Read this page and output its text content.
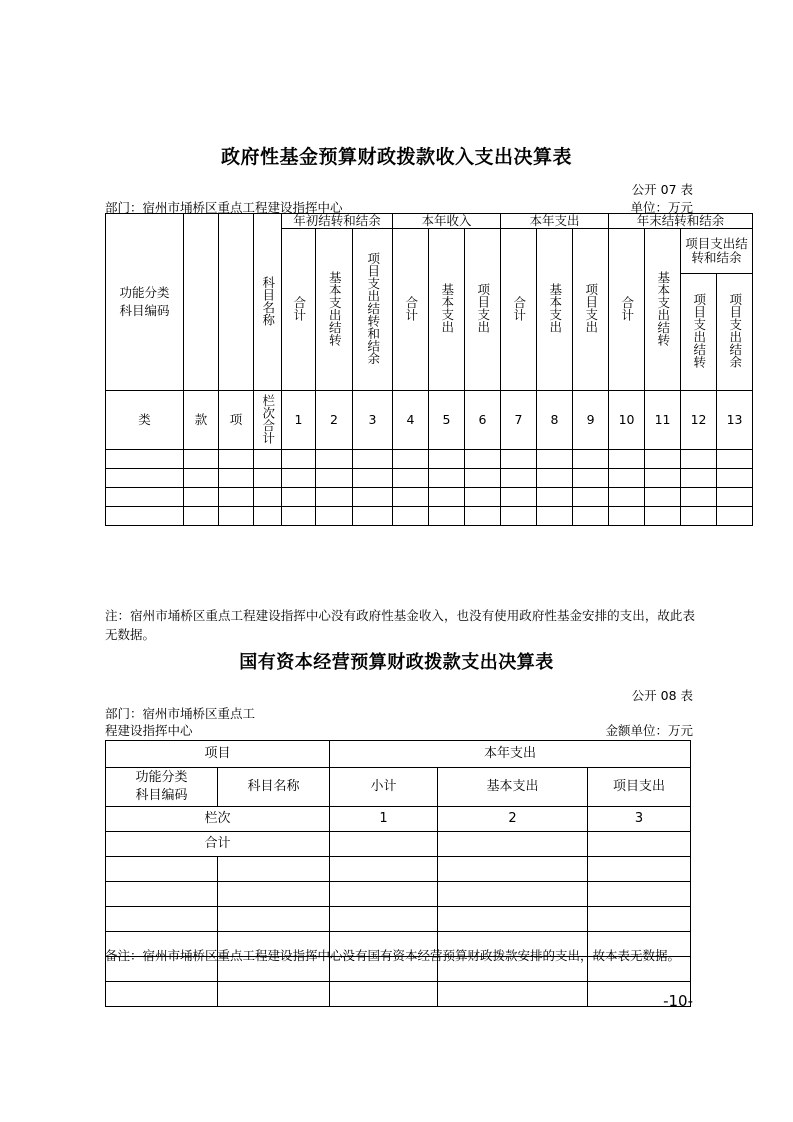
政府性基金预算财政拨款收入支出决算表
公开 07 表
单位：万元
部门：宿州市埇桥区重点工程建设指挥中心
功能分类
科目编码			科目名称	年初结转和结余			本年收入			本年支出			年末结转和结余			
				合计	基本支出结转	项目支出结转和结余	合计	基本支出	项目支出	合计	基本支出	项目支出	合计	基本支出结转	项目支出结转和结余	
															项目支出结转	项目支出结余

类	款	项	栏次合计	1	2	3	4	5	6	7	8	9	10	11	12	13

注：宿州市埇桥区重点工程建设指挥中心没有政府性基金收入，也没有使用政府性基金安排的支出，故此表无数据。
国有资本经营预算财政拨款支出决算表
公开 08 表
部门：宿州市埇桥区重点工
程建设指挥中心	金额单位：万元
项目		本年支出		

功能分类
科目编码	科目名称	小计	基本支出	项目支出
栏次		1	2	3
合计				

备注：宿州市埇桥区重点工程建设指挥中心没有国有资本经营预算财政拨款安排的支出，故本表无数据。
-10-
